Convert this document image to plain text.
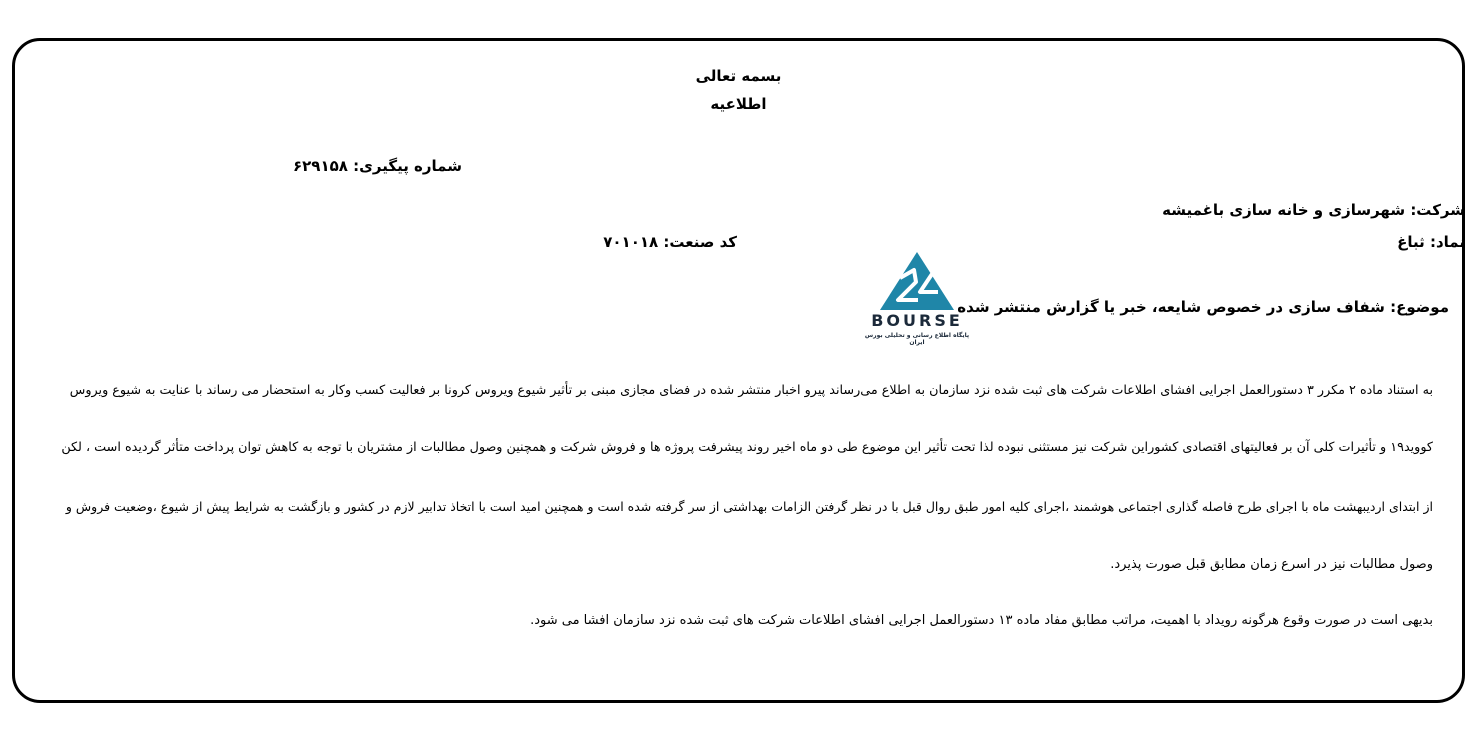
بسمه تعالی
اطلاعیه
شماره پیگیری: ۶۲۹۱۵۸
شرکت: شهرسازی و خانه سازی باغمیشه
نماد: ثباغ
کد صنعت: ۷۰۱۰۱۸
موضوع: شفاف سازی در خصوص شایعه، خبر یا گزارش منتشر شده
BOURSE
پایگاه اطلاع رسانی و تحلیلی بورس ایران
به استناد ماده ۲ مکرر ۳ دستورالعمل اجرایی افشای اطلاعات شرکت های ثبت شده نزد سازمان به اطلاع می‌رساند پیرو اخبار منتشر شده در فضای مجازی مبنی بر تأثیر شیوع ویروس کرونا بر فعالیت کسب وکار به استحضار می رساند با عنایت به شیوع ویروس
کووید۱۹ و تأثیرات کلی آن بر فعالیتهای اقتصادی کشوراین شرکت نیز مستثنی نبوده لذا تحت تأثیر این موضوع طی دو ماه اخیر روند پیشرفت پروژه ها و فروش شرکت و همچنین وصول مطالبات از مشتریان با توجه به کاهش توان پرداخت متأثر گردیده است ، لکن
از ابتدای اردیبهشت ماه با اجرای طرح فاصله گذاری اجتماعی هوشمند ،اجرای کلیه امور طبق روال قبل با در نظر گرفتن الزامات بهداشتی از سر گرفته شده است و همچنین امید است با اتخاذ تدابیر لازم در کشور و بازگشت به شرایط پیش از شیوع ،وضعیت فروش و
وصول مطالبات نیز در اسرع زمان مطابق قبل صورت پذیرد.
بدیهی است در صورت وقوع هرگونه رویداد با اهمیت، مراتب مطابق مفاد ماده ۱۳ دستورالعمل اجرایی افشای اطلاعات شرکت های ثبت شده نزد سازمان افشا می شود.
